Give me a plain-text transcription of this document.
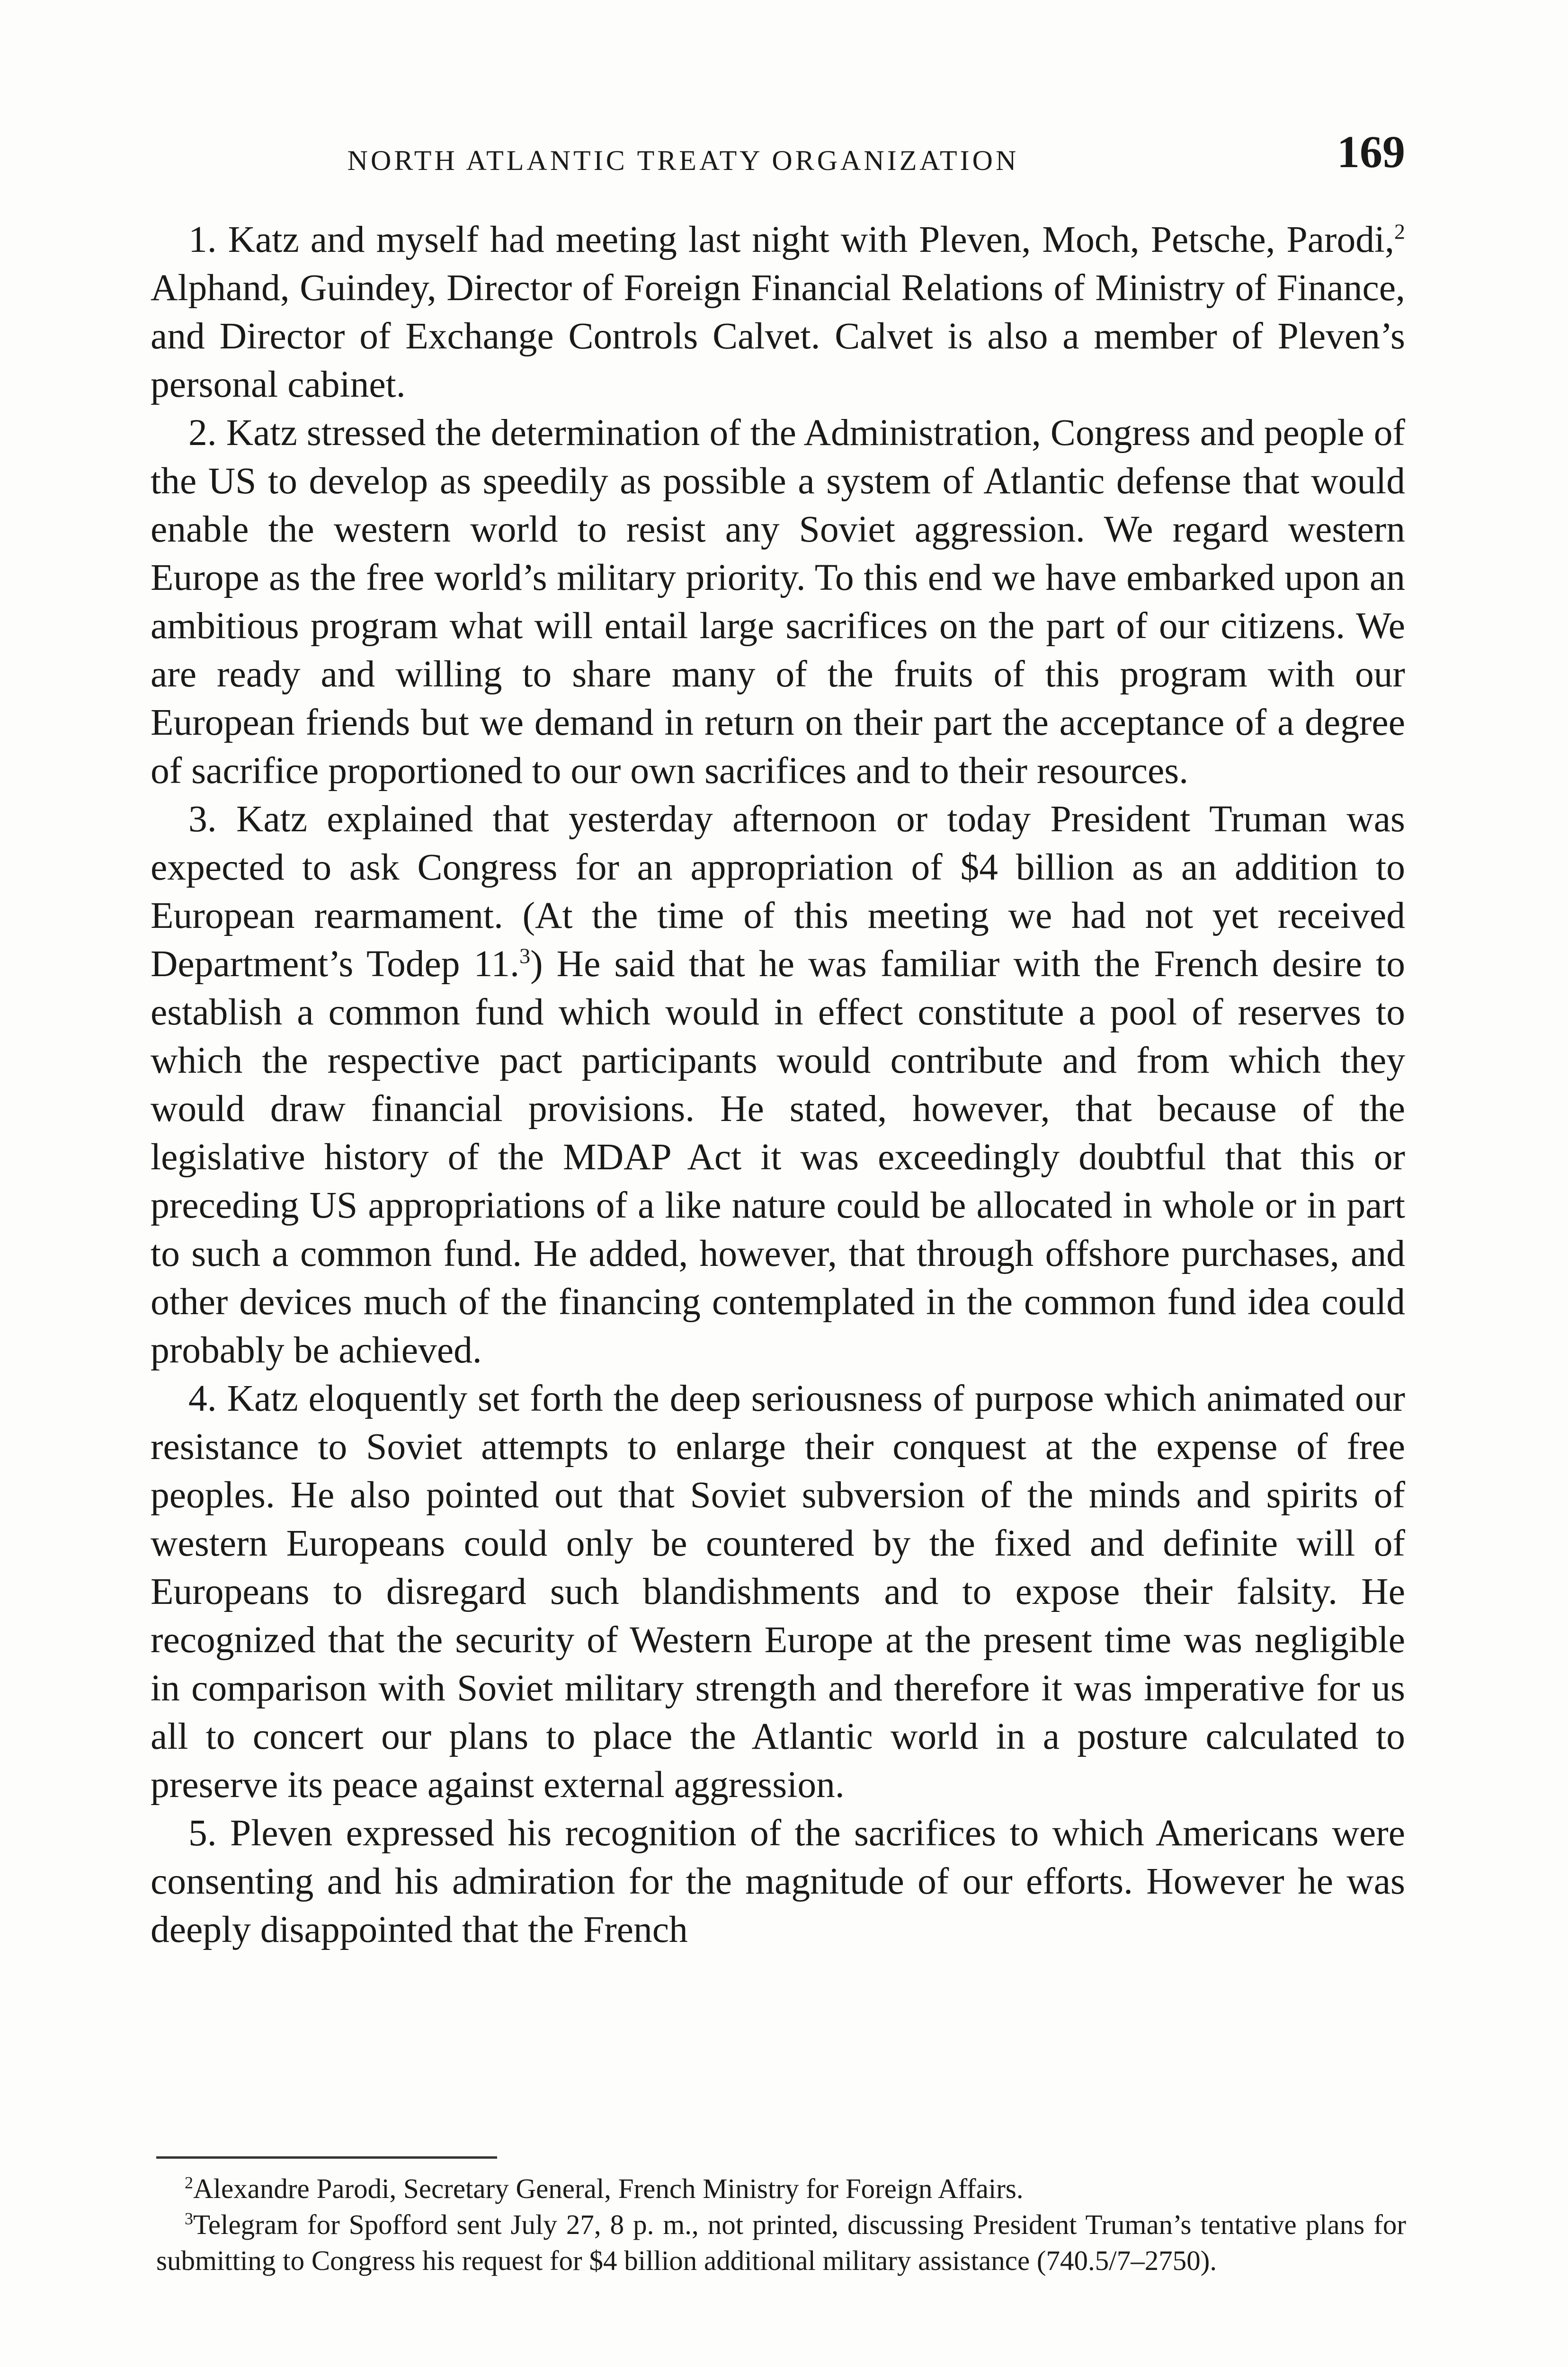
NORTH ATLANTIC TREATY ORGANIZATION	169

1. Katz and myself had meeting last night with Pleven, Moch, Petsche, Parodi,$^2$ Alphand, Guindey, Director of Foreign Financial Relations of Ministry of Finance, and Director of Exchange Controls Calvet. Calvet is also a member of Pleven’s personal cabinet.

2. Katz stressed the determination of the Administration, Congress and people of the US to develop as speedily as possible a system of Atlantic defense that would enable the western world to resist any Soviet aggression. We regard western Europe as the free world’s military priority. To this end we have embarked upon an ambitious program what will entail large sacrifices on the part of our citizens. We are ready and willing to share many of the fruits of this program with our European friends but we demand in return on their part the acceptance of a degree of sacrifice proportioned to our own sacrifices and to their resources.

3. Katz explained that yesterday afternoon or today President Truman was expected to ask Congress for an appropriation of $4 billion as an addition to European rearmament. (At the time of this meeting we had not yet received Department’s Todep 11.$^3$) He said that he was familiar with the French desire to establish a common fund which would in effect constitute a pool of reserves to which the respective pact participants would contribute and from which they would draw financial provisions. He stated, however, that because of the legislative history of the MDAP Act it was exceedingly doubtful that this or preceding US appropriations of a like nature could be allocated in whole or in part to such a common fund. He added, however, that through offshore purchases, and other devices much of the financing contemplated in the common fund idea could probably be achieved.

4. Katz eloquently set forth the deep seriousness of purpose which animated our resistance to Soviet attempts to enlarge their conquest at the expense of free peoples. He also pointed out that Soviet subversion of the minds and spirits of western Europeans could only be countered by the fixed and definite will of Europeans to disregard such blandishments and to expose their falsity. He recognized that the security of Western Europe at the present time was negligible in comparison with Soviet military strength and therefore it was imperative for us all to concert our plans to place the Atlantic world in a posture calculated to preserve its peace against external aggression.

5. Pleven expressed his recognition of the sacrifices to which Americans were consenting and his admiration for the magnitude of our efforts. However he was deeply disappointed that the French

$^2$Alexandre Parodi, Secretary General, French Ministry for Foreign Affairs.

$^3$Telegram for Spofford sent July 27, 8 p. m., not printed, discussing President Truman’s tentative plans for submitting to Congress his request for $4 billion additional military assistance (740.5/7–2750).
